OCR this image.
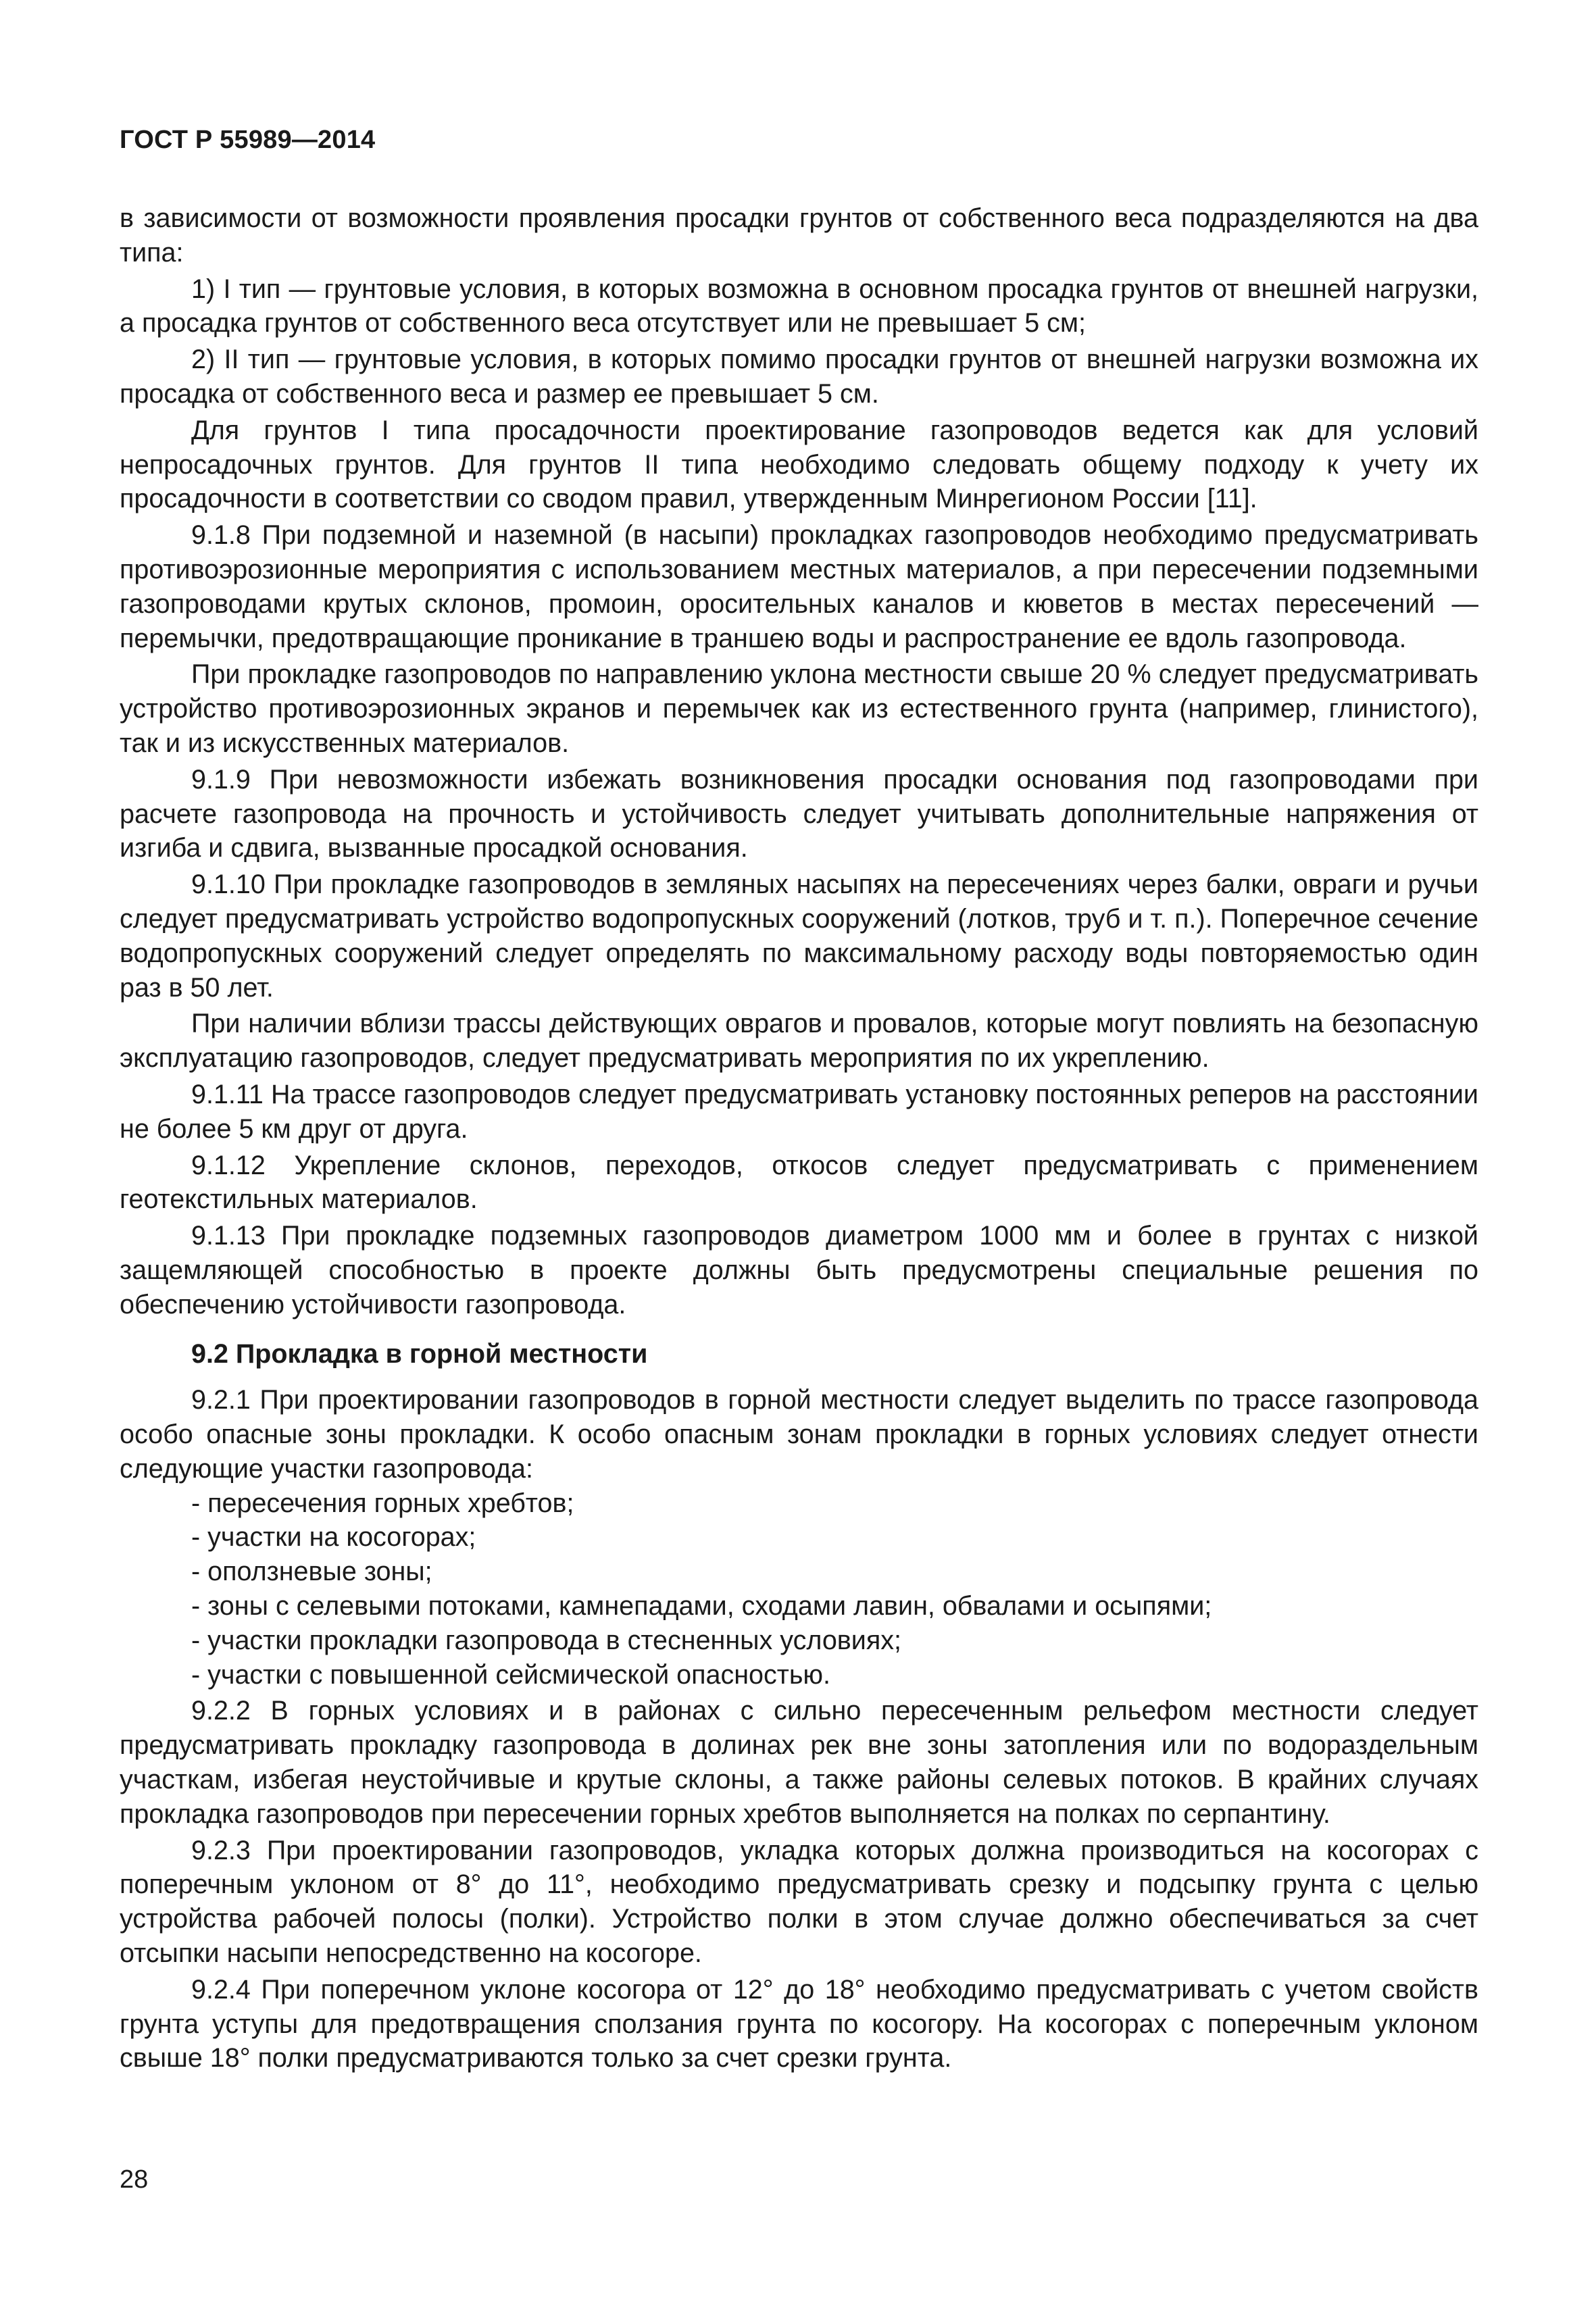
ГОСТ Р 55989—2014

в зависимости от возможности проявления просадки грунтов от собственного веса подразделяются на два типа:

1) I тип — грунтовые условия, в которых возможна в основном просадка грунтов от внешней нагрузки, а просадка грунтов от собственного веса отсутствует или не превышает 5 см;

2) II тип — грунтовые условия, в которых помимо просадки грунтов от внешней нагрузки возможна их просадка от собственного веса и размер ее превышает 5 см.

Для грунтов I типа просадочности проектирование газопроводов ведется как для условий непросадочных грунтов. Для грунтов II типа необходимо следовать общему подходу к учету их просадочности в соответствии со сводом правил, утвержденным Минрегионом России [11].

9.1.8 При подземной и наземной (в насыпи) прокладках газопроводов необходимо предусматривать противоэрозионные мероприятия с использованием местных материалов, а при пересечении подземными газопроводами крутых склонов, промоин, оросительных каналов и кюветов в местах пересечений — перемычки, предотвращающие проникание в траншею воды и распространение ее вдоль газопровода.

При прокладке газопроводов по направлению уклона местности свыше 20 % следует предусматривать устройство противоэрозионных экранов и перемычек как из естественного грунта (например, глинистого), так и из искусственных материалов.

9.1.9 При невозможности избежать возникновения просадки основания под газопроводами при расчете газопровода на прочность и устойчивость следует учитывать дополнительные напряжения от изгиба и сдвига, вызванные просадкой основания.

9.1.10 При прокладке газопроводов в земляных насыпях на пересечениях через балки, овраги и ручьи следует предусматривать устройство водопропускных сооружений (лотков, труб и т. п.). Поперечное сечение водопропускных сооружений следует определять по максимальному расходу воды повторяемостью один раз в 50 лет.

При наличии вблизи трассы действующих оврагов и провалов, которые могут повлиять на безопасную эксплуатацию газопроводов, следует предусматривать мероприятия по их укреплению.

9.1.11 На трассе газопроводов следует предусматривать установку постоянных реперов на расстоянии не более 5 км друг от друга.

9.1.12 Укрепление склонов, переходов, откосов следует предусматривать с применением геотекстильных материалов.

9.1.13 При прокладке подземных газопроводов диаметром 1000 мм и более в грунтах с низкой защемляющей способностью в проекте должны быть предусмотрены специальные решения по обеспечению устойчивости газопровода.

9.2 Прокладка в горной местности

9.2.1 При проектировании газопроводов в горной местности следует выделить по трассе газопровода особо опасные зоны прокладки. К особо опасным зонам прокладки в горных условиях следует отнести следующие участки газопровода:

- пересечения горных хребтов;

- участки на косогорах;

- оползневые зоны;

- зоны с селевыми потоками, камнепадами, сходами лавин, обвалами и осыпями;

- участки прокладки газопровода в стесненных условиях;

- участки с повышенной сейсмической опасностью.

9.2.2 В горных условиях и в районах с сильно пересеченным рельефом местности следует предусматривать прокладку газопровода в долинах рек вне зоны затопления или по водораздельным участкам, избегая неустойчивые и крутые склоны, а также районы селевых потоков. В крайних случаях прокладка газопроводов при пересечении горных хребтов выполняется на полках по серпантину.

9.2.3 При проектировании газопроводов, укладка которых должна производиться на косогорах с поперечным уклоном от 8° до 11°, необходимо предусматривать срезку и подсыпку грунта с целью устройства рабочей полосы (полки). Устройство полки в этом случае должно обеспечиваться за счет отсыпки насыпи непосредственно на косогоре.

9.2.4 При поперечном уклоне косогора от 12° до 18° необходимо предусматривать с учетом свойств грунта уступы для предотвращения сползания грунта по косогору. На косогорах с поперечным уклоном свыше 18° полки предусматриваются только за счет срезки грунта.

28
